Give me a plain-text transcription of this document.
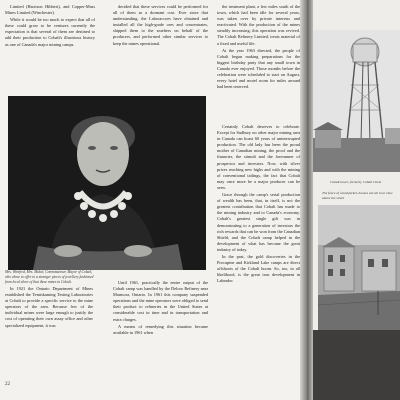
Limited (Harrison Hibbert), and Copper-Mass Mines Limited (Winchester).

While it would be too much to expect that all of these could grow to be ventures currently the expectation is that several of them are destined to add their production to Cobalt's illustrious history as one of Canada's major mining camps.

decided that these services could be performed for all of them as a dormant cost. Ever since that understanding, the Lahoraccoes have obtained and installed all the high-grade ores and concentrates, shipped them to the smelters on behalf of the producers, and performed other similar services to keep the mines operational.

the treatment plant, a few miles south of the town, which had been idle for several years, was taken over by private interests and reactivated. With the production of the mines steadily increasing, this operation was revived. The Cobalt Refinery Limited, treats material of a fixed and useful life.

At the year 1963 directed, the people of Cobalt began making preparations for the biggest birthday party that any small town in Canada ever enjoyed. Those months before the celebration were scheduled to start on August, every hotel and motel room for miles around had been reserved.

Mrs. Winifred, Mrs. Mabel, Commissioner, Mayor of Cobalt, who chose to offer to a stranger pieces of jewellery fashioned from local silver of that these mines in Cobalt.

In 1921 the Ontario Department of Mines established the Temiskaming Testing Laboratories at Cobalt to provide a specific service to the mine operators of the area. Because few of the individual mines were large enough to justify the cost of operating their own assay office and other specialized equipment, it was

Until 1961, practically the entire output of the Cobalt camp was handled by the Deloro Refinery near Marmora, Ontario. In 1961 this company suspended operations and the mine operators were obliged to send their product to refineries in the United States at considerable cost in time and in transportation and extra charges.

A means of remedying this situation became available in 1961 when

Certainly Cobalt deserves to celebrate. Except for Sudbury no other major mining area in Canada can boast 60 years of uninterrupted production. The old lady has been the proud mother of Canadian mining, the proof and the financier, the stimuli and the forerunner of prospector and investors. Now, with silver prices reaching new highs and with the mining of conventional tailings, the fact that Cobalt may once more be a major producer can be seen.

Grace through the camp's serial production of wealth has been, that, in itself, is not the greatest contribution that Cobalt has made to the mining industry and to Canada's economy. Cobalt's greatest single gift was in demonstrating to a generation of investors the rich rewards that can be won from the Canadian Shield, and the Cobalt camp helped in the development of what has become the great industry of today.

In the past, the gold discoveries in the Porcupine and Kirkland Lake camps are direct offshoots of the Cobalt boom. So, too, in all likelihood, is the great iron development in Labrador.

22
Cobalt tower, formerly Cobalt Chem
The fence of wood picket, houses are all in to view above the street
